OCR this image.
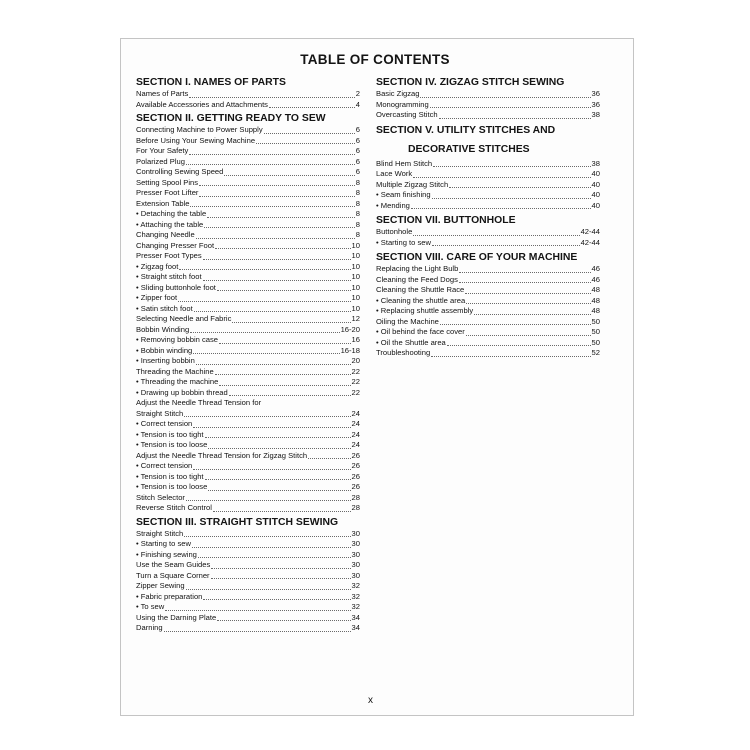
TABLE OF CONTENTS
SECTION I. NAMES OF PARTS
Names of Parts	2
Available Accessories and Attachments	4
SECTION II. GETTING READY TO SEW
Connecting Machine to Power Supply	6
Before Using Your Sewing Machine	6
For Your Safety	6
Polarized Plug	6
Controlling Sewing Speed	6
Setting Spool Pins	8
Presser Foot Lifter	8
Extension Table	8
• Detaching the table	8
• Attaching the table	8
Changing Needle	8
Changing Presser Foot	10
Presser Foot Types	10
• Zigzag foot	10
• Straight stitch foot	10
• Sliding buttonhole foot	10
• Zipper foot	10
• Satin stitch foot	10
Selecting Needle and Fabric	12
Bobbin Winding	16-20
• Removing bobbin case	16
• Bobbin winding	16-18
• Inserting bobbin	20
Threading the Machine	22
• Threading the machine	22
• Drawing up bobbin thread	22
Adjust the Needle Thread Tension for
Straight Stitch	24
• Correct tension	24
• Tension is too tight	24
• Tension is too loose	24
Adjust the Needle Thread Tension for Zigzag Stitch	26
• Correct tension	26
• Tension is too tight	26
• Tension is too loose	26
Stitch Selector	28
Reverse Stitch Control	28
SECTION III. STRAIGHT STITCH SEWING
Straight Stitch	30
• Starting to sew	30
• Finishing sewing	30
Use the Seam Guides	30
Turn a Square Corner	30
Zipper Sewing	32
• Fabric preparation	32
• To sew	32
Using the Darning Plate	34
Darning	34
SECTION IV. ZIGZAG STITCH SEWING
Basic Zigzag	36
Monogramming	36
Overcasting Stitch	38
SECTION V. UTILITY STITCHES AND
DECORATIVE STITCHES
Blind Hem Stitch	38
Lace Work	40
Multiple Zigzag Stitch	40
• Seam finishing	40
• Mending	40
SECTION VII. BUTTONHOLE
Buttonhole	42-44
• Starting to sew	42-44
SECTION VIII. CARE OF YOUR MACHINE
Replacing the Light Bulb	46
Cleaning the Feed Dogs	46
Cleaning the Shuttle Race	48
• Cleaning the shuttle area	48
• Replacing shuttle assembly	48
Oiling the Machine	50
• Oil behind the face cover	50
• Oil the Shuttle area	50
Troubleshooting	52
x
